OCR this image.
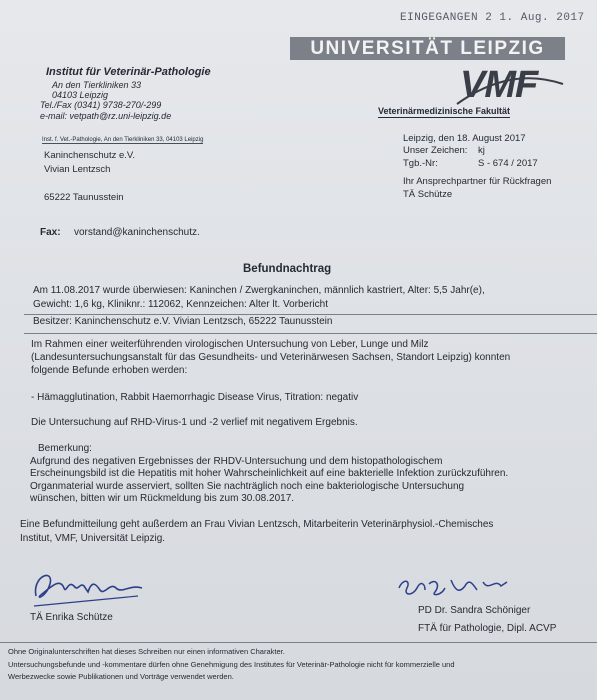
EINGEGANGEN 2 1. Aug. 2017
UNIVERSITÄT LEIPZIG
Institut für Veterinär-Pathologie
An den Tierkliniken 33
04103 Leipzig
Tel./Fax (0341) 9738-270/-299
e-mail: vetpath@rz.uni-leipzig.de
VMF
Veterinärmedizinische Fakultät
Inst. f. Vet.-Pathologie, An den Tierkliniken 33, 04103 Leipzig
Kaninchenschutz e.V.
Vivian Lentzsch
65222 Taunusstein
Leipzig, den 18. August 2017
Unser Zeichen: kj
Tgb.-Nr:	S - 674 / 2017
Ihr Ansprechpartner für Rückfragen
TÄ Schütze
Fax: vorstand@kaninchenschutz.
Befundnachtrag
Am 11.08.2017 wurde überwiesen: Kaninchen / Zwergkaninchen, männlich kastriert, Alter: 5,5 Jahr(e),
Gewicht: 1,6 kg, Kliniknr.: 112062, Kennzeichen: Alter lt. Vorbericht
Besitzer: Kaninchenschutz e.V. Vivian Lentzsch, 65222 Taunusstein
Im Rahmen einer weiterführenden virologischen Untersuchung von Leber, Lunge und Milz
(Landesuntersuchungsanstalt für das Gesundheits- und Veterinärwesen Sachsen, Standort Leipzig) konnten
folgende Befunde erhoben werden:
- Hämagglutination, Rabbit Haemorrhagic Disease Virus, Titration: negativ
Die Untersuchung auf RHD-Virus-1 und -2 verlief mit negativem Ergebnis.
Bemerkung:
Aufgrund des negativen Ergebnisses der RHDV-Untersuchung und dem histopathologischem
Erscheinungsbild ist die Hepatitis mit hoher Wahrscheinlichkeit auf eine bakterielle Infektion zurückzuführen.
Organmaterial wurde asserviert, sollten Sie nachträglich noch eine bakteriologische Untersuchung
wünschen, bitten wir um Rückmeldung bis zum 30.08.2017.
Eine Befundmitteilung geht außerdem an Frau Vivian Lentzsch, Mitarbeiterin Veterinärphysiol.-Chemisches
Institut, VMF, Universität Leipzig.
TÄ Enrika Schütze
PD Dr. Sandra Schöniger
FTÄ für Pathologie, Dipl. ACVP
Ohne Originalunterschriften hat dieses Schreiben nur einen informativen Charakter.
Untersuchungsbefunde und -kommentare dürfen ohne Genehmigung des Institutes für Veterinär-Pathologie nicht für kommerzielle und
Werbezwecke sowie Publikationen und Vorträge verwendet werden.
